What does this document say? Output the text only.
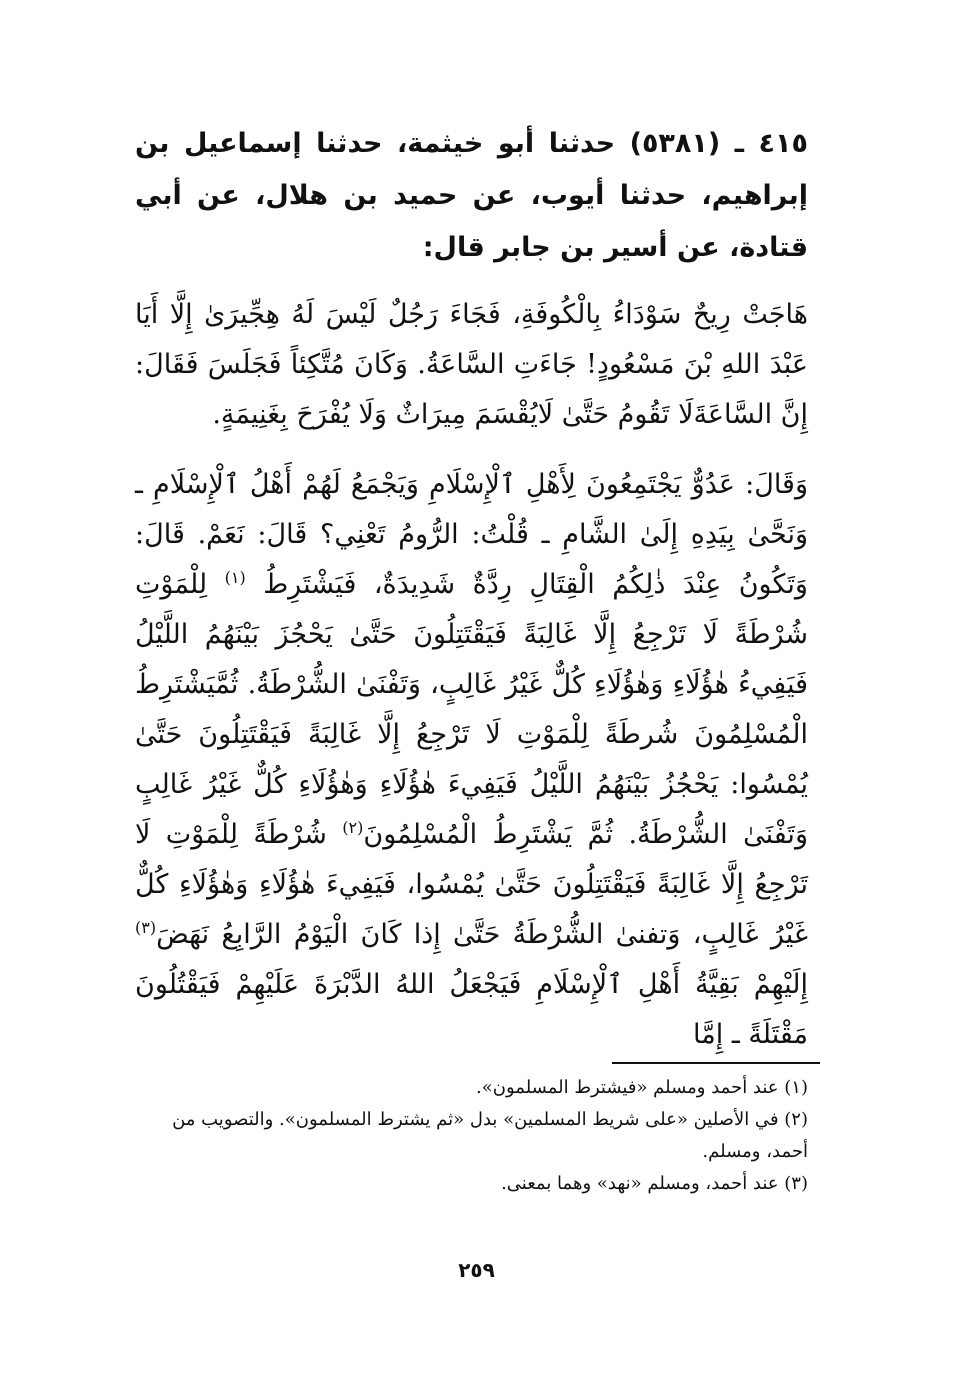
٤١٥ ـ (٥٣٨١) حدثنا أبو خيثمة، حدثنا إسماعيل بن إبراهيم، حدثنا أيوب، عن حميد بن هلال، عن أبي قتادة، عن أسير بن جابر قال:

هَاجَتْ رِيحٌ سَوْدَاءُ بِالْكُوفَةِ، فَجَاءَ رَجُلٌ لَيْسَ لَهُ هِجِّيرَىٰ إِلَّا أَيَا عَبْدَ اللهِ بْنَ مَسْعُودٍ! جَاءَتِ السَّاعَةُ. وَكَانَ مُتَّكِئاً فَجَلَسَ فَقَالَ: إِنَّ السَّاعَةَلَا تَقُومُ حَتَّىٰ لَايُقْسَمَ مِيرَاثٌ وَلَا يُفْرَحَ بِغَنِيمَةٍ.

وَقَالَ: عَدُوٌّ يَجْتَمِعُونَ لِأَهْلِ ٱلْإِسْلَامِ وَيَجْمَعُ لَهُمْ أَهْلُ ٱلْإِسْلَامِ ـ وَنَحَّىٰ بِيَدِهِ إِلَىٰ الشَّامِ ـ قُلْتُ: الرُّومُ تَعْنِي؟ قَالَ: نَعَمْ. قَالَ: وَتَكُونُ عِنْدَ ذٰلِكُمُ الْقِتَالِ رِدَّةٌ شَدِيدَةٌ، فَيَشْتَرِطُ $^{(١)}$ لِلْمَوْتِ شُرْطَةً لَا تَرْجِعُ إِلَّا غَالِبَةً فَيَقْتَتِلُونَ حَتَّىٰ يَحْجُزَ بَيْنَهُمُ اللَّيْلُ فَيَفِيءُ هٰؤُلَاءِ وَهٰؤُلَاءِ كُلٌّ غَيْرُ غَالِبٍ، وَتَفْنَىٰ الشُّرْطَةُ. ثُمَّيَشْتَرِطُ الْمُسْلِمُونَ شُرطَةً لِلْمَوْتِ لَا تَرْجِعُ إِلَّا غَالِبَةً فَيَقْتَتِلُونَ حَتَّىٰ يُمْسُوا: يَحْجُزُ بَيْنَهُمُ اللَّيْلُ فَيَفِيءَ هٰؤُلَاءِ وَهٰؤُلَاءِ كُلٌّ غَيْرُ غَالِبٍ وَتَفْنَىٰ الشُّرْطَةُ. ثُمَّ يَشْتَرِطُ الْمُسْلِمُونَ$^{(٢)}$ شُرْطَةً لِلْمَوْتِ لَا تَرْجِعُ إِلَّا غَالِبَةً فَيَقْتَتِلُونَ حَتَّىٰ يُمْسُوا، فَيَفِيءَ هٰؤُلَاءِ وَهٰؤُلَاءِ كُلٌّ غَيْرُ غَالِبٍ، وَتفنىٰ الشُّرْطَةُ حَتَّىٰ إِذا كَانَ الْيَوْمُ الرَّابِعُ نَهَضَ$^{(٣)}$ إِلَيْهِمْ بَقِيَّةُ أَهْلِ ٱلْإِسْلَامِ فَيَجْعَلُ اللهُ الدَّبْرَةَ عَلَيْهِمْ فَيَقْتُلُونَ مَقْتَلَةً ـ إِمَّا

(١) عند أحمد ومسلم «فيشترط المسلمون».

(٢) في الأصلين «على شريط المسلمين» بدل «ثم يشترط المسلمون». والتصويب من أحمد، ومسلم.

(٣) عند أحمد، ومسلم «نهد» وهما بمعنى.

٢٥٩
